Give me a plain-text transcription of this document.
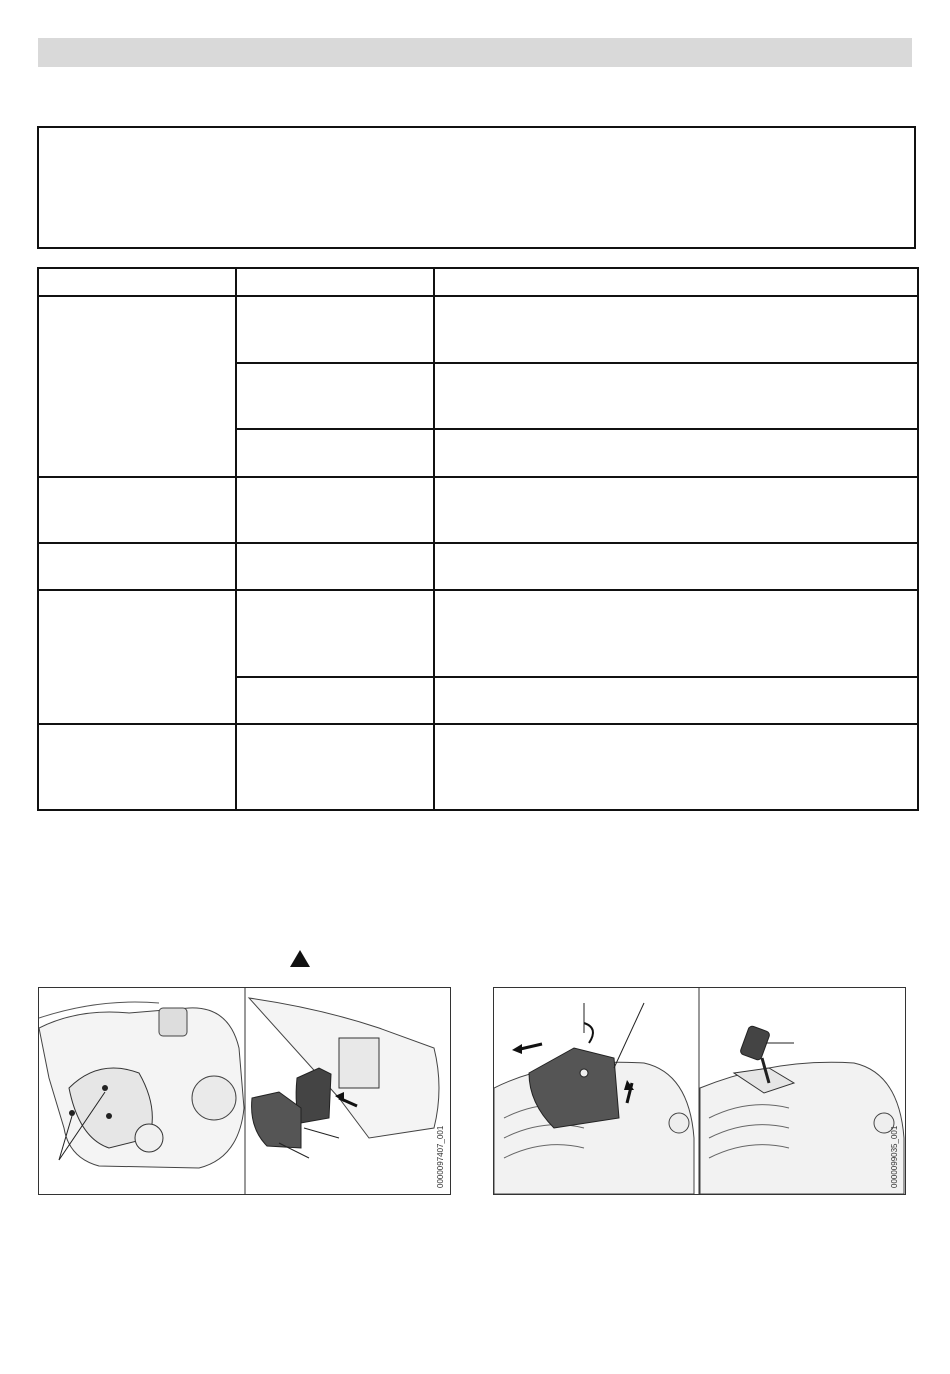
0000097407_001	0000099035_001
